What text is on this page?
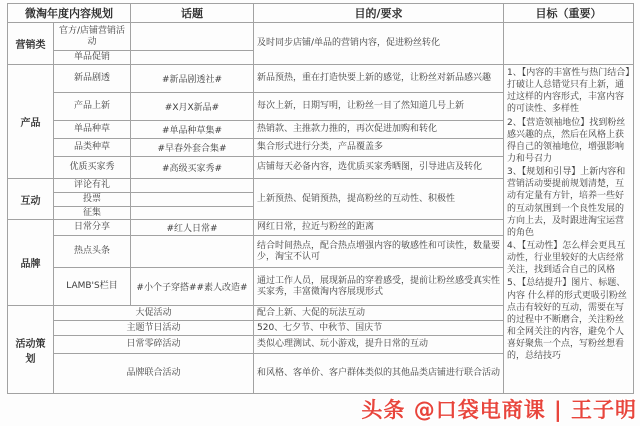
微淘年度内容规划		话题	目的/要求	目标（重要）
营销类	官方/店铺营销活动		及时同步店铺/单品的营销内容，促进粉丝转化	
	单品促销			
产品	新品剧透	#新品剧透社#	新品预热，重在打造快要上新的感觉，让粉丝对新品感兴趣	1、【内容的丰富性与热门结合】打破让人总错觉只有上新，通过这样的内容形式，丰富内容的可读性、多样性

2、【营造领袖地位】找到粉丝感兴趣的点，然后在风格上获得自己的领袖地位，增强影响力和号召力

3、【规划和引导】上新内容和营销活动要提前规划清楚，互动有定量有方针，培养一些好的互动氛围到一个良性发展的方向上去，及时跟进淘宝运营的角色

4、【互动性】怎么样会更具互动性，行业里较好的大店经常关注，找到适合自己的风格

5、【总结提升】图片、标题、内容 什么样的形式更吸引粉丝点击有较好的互动，需要在写的过程中不断磨合，关注粉丝和全网关注的内容，避免个人喜好聚焦一个点，写粉丝想看的，总结技巧

	产品上新	#X月X新品#	每次上新，日期写明，让粉丝一目了然知道几号上新	
	单品种草	#单品种草集#	热销款、主推款力推的，再次促进加购和转化	
	品类种草	#早春外套合集#	集合形式进行分类，产品覆盖多	
	优质买家秀	#高级买家秀#	店铺每天必备内容，选优质买家秀晒图，引导进店及转化	
互动	评论有礼		上新预热、促销预热，提高粉丝的互动性、积极性	
	投票			
	征集			
品牌	日常分享	#红人日常#	网红日常，拉近与粉丝的距离	
	热点头条		结合时间热点，配合热点增强内容的敏感性和可读性，数量要少，淘宝不认可	
	LAMB'S栏目	#小个子穿搭##素人改造#	通过工作人员，展现新品的穿着感受，提前让粉丝感受真实性买家秀，丰富微淘内容展现形式	
活动策划	大促活动		配合上新、大促的玩法互动	
	主题节日活动		520、七夕节、中秋节、国庆节	
	日常零碎活动		类似心理测试、玩小游戏，提升日常的互动	
	品牌联合活动		和风格、客单价、客户群体类似的其他品类店铺进行联合活动	
头条 @口袋电商课 | 王子明
